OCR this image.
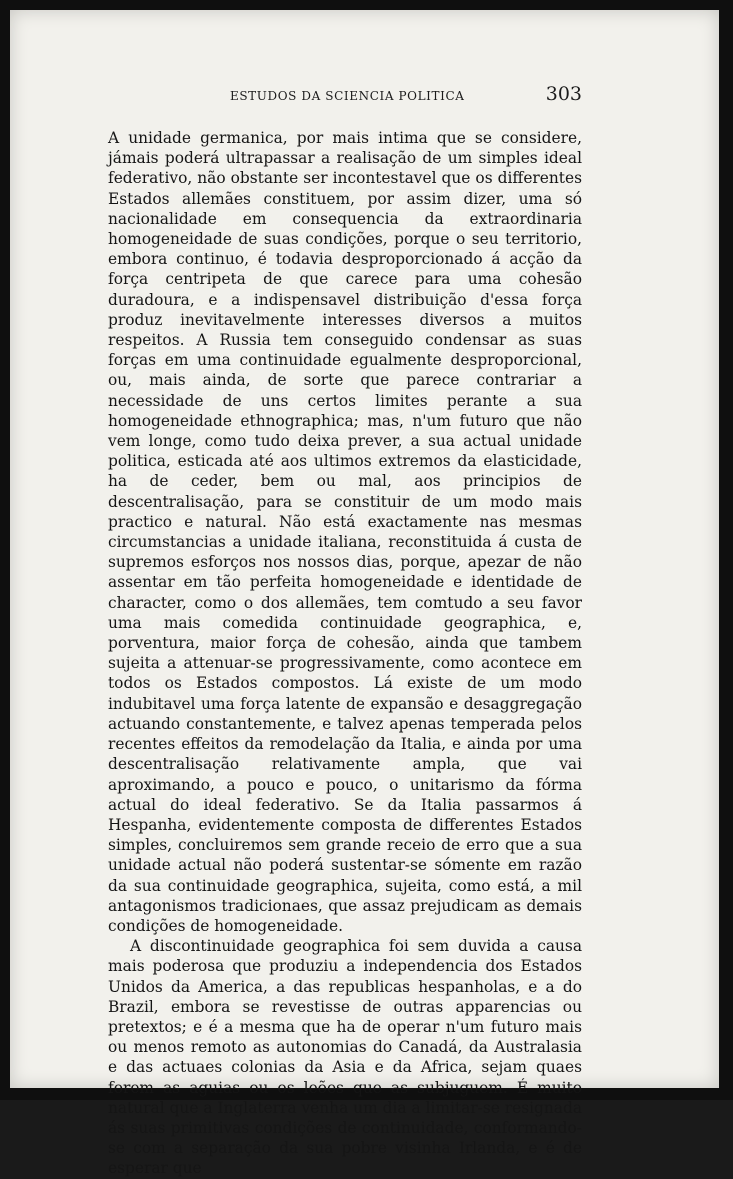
ESTUDOS DA SCIENCIA POLITICA	303

A unidade germanica, por mais intima que se considere, jámais poderá ultrapassar a realisação de um simples ideal federativo, não obstante ser incontestavel que os differentes Estados allemães constituem, por assim dizer, uma só nacionalidade em consequencia da extraordinaria homogeneidade de suas condições, porque o seu territorio, embora continuo, é todavia desproporcionado á acção da força centripeta de que carece para uma cohesão duradoura, e a indispensavel distribuição d'essa força produz inevitavelmente interesses diversos a muitos respeitos. A Russia tem conseguido condensar as suas forças em uma continuidade egualmente desproporcional, ou, mais ainda, de sorte que parece contrariar a necessidade de uns certos limites perante a sua homogeneidade ethnographica; mas, n'um futuro que não vem longe, como tudo deixa prever, a sua actual unidade politica, esticada até aos ultimos extremos da elasticidade, ha de ceder, bem ou mal, aos principios de descentralisação, para se constituir de um modo mais practico e natural. Não está exactamente nas mesmas circumstancias a unidade italiana, reconstituida á custa de supremos esforços nos nossos dias, porque, apezar de não assentar em tão perfeita homogeneidade e identidade de character, como o dos allemães, tem comtudo a seu favor uma mais comedida continuidade geographica, e, porventura, maior força de cohesão, ainda que tambem sujeita a attenuar-se progressivamente, como acontece em todos os Estados compostos. Lá existe de um modo indubitavel uma força latente de expansão e desaggregação actuando constantemente, e talvez apenas temperada pelos recentes effeitos da remodelação da Italia, e ainda por uma descentralisação relativamente ampla, que vai aproximando, a pouco e pouco, o unitarismo da fórma actual do ideal federativo. Se da Italia passarmos á Hespanha, evidentemente composta de differentes Estados simples, concluiremos sem grande receio de erro que a sua unidade actual não poderá sustentar-se sómente em razão da sua continuidade geographica, sujeita, como está, a mil antagonismos tradicionaes, que assaz prejudicam as demais condições de homogeneidade.

A discontinuidade geographica foi sem duvida a causa mais poderosa que produziu a independencia dos Estados Unidos da America, a das republicas hespanholas, e a do Brazil, embora se revestisse de outras apparencias ou pretextos; e é a mesma que ha de operar n'um futuro mais ou menos remoto as autonomias do Canadá, da Australasia e das actuaes colonias da Asia e da Africa, sejam quaes forem as aguias ou os leões que as subjuguem. É muito natural que a Inglaterra venha um dia a limitar-se resignada ás suas primitivas condições de continuidade, conformando-se com a separação da sua pobre visinha Irlanda, e é de esperar que
